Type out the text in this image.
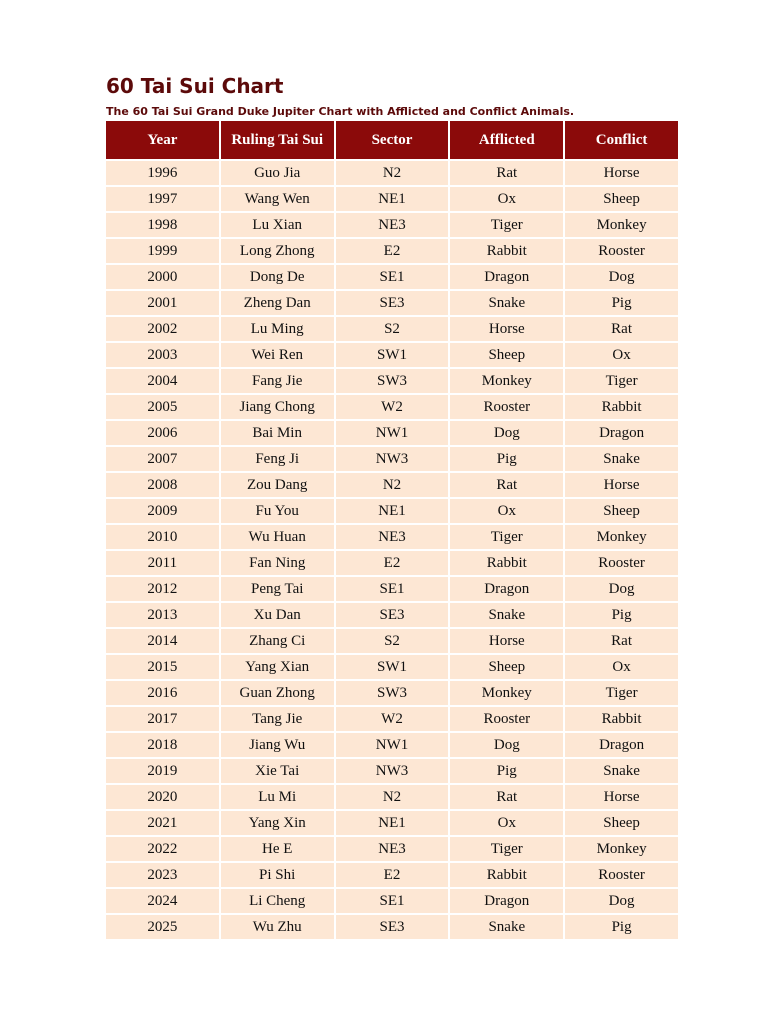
60 Tai Sui Chart

The 60 Tai Sui Grand Duke Jupiter Chart with Afflicted and Conflict Animals.

Year	Ruling Tai Sui	Sector	Afflicted	Conflict
1996	Guo Jia	N2	Rat	Horse
1997	Wang Wen	NE1	Ox	Sheep
1998	Lu Xian	NE3	Tiger	Monkey
1999	Long Zhong	E2	Rabbit	Rooster
2000	Dong De	SE1	Dragon	Dog
2001	Zheng Dan	SE3	Snake	Pig
2002	Lu Ming	S2	Horse	Rat
2003	Wei Ren	SW1	Sheep	Ox
2004	Fang Jie	SW3	Monkey	Tiger
2005	Jiang Chong	W2	Rooster	Rabbit
2006	Bai Min	NW1	Dog	Dragon
2007	Feng Ji	NW3	Pig	Snake
2008	Zou Dang	N2	Rat	Horse
2009	Fu You	NE1	Ox	Sheep
2010	Wu Huan	NE3	Tiger	Monkey
2011	Fan Ning	E2	Rabbit	Rooster
2012	Peng Tai	SE1	Dragon	Dog
2013	Xu Dan	SE3	Snake	Pig
2014	Zhang Ci	S2	Horse	Rat
2015	Yang Xian	SW1	Sheep	Ox
2016	Guan Zhong	SW3	Monkey	Tiger
2017	Tang Jie	W2	Rooster	Rabbit
2018	Jiang Wu	NW1	Dog	Dragon
2019	Xie Tai	NW3	Pig	Snake
2020	Lu Mi	N2	Rat	Horse
2021	Yang Xin	NE1	Ox	Sheep
2022	He E	NE3	Tiger	Monkey
2023	Pi Shi	E2	Rabbit	Rooster
2024	Li Cheng	SE1	Dragon	Dog
2025	Wu Zhu	SE3	Snake	Pig
